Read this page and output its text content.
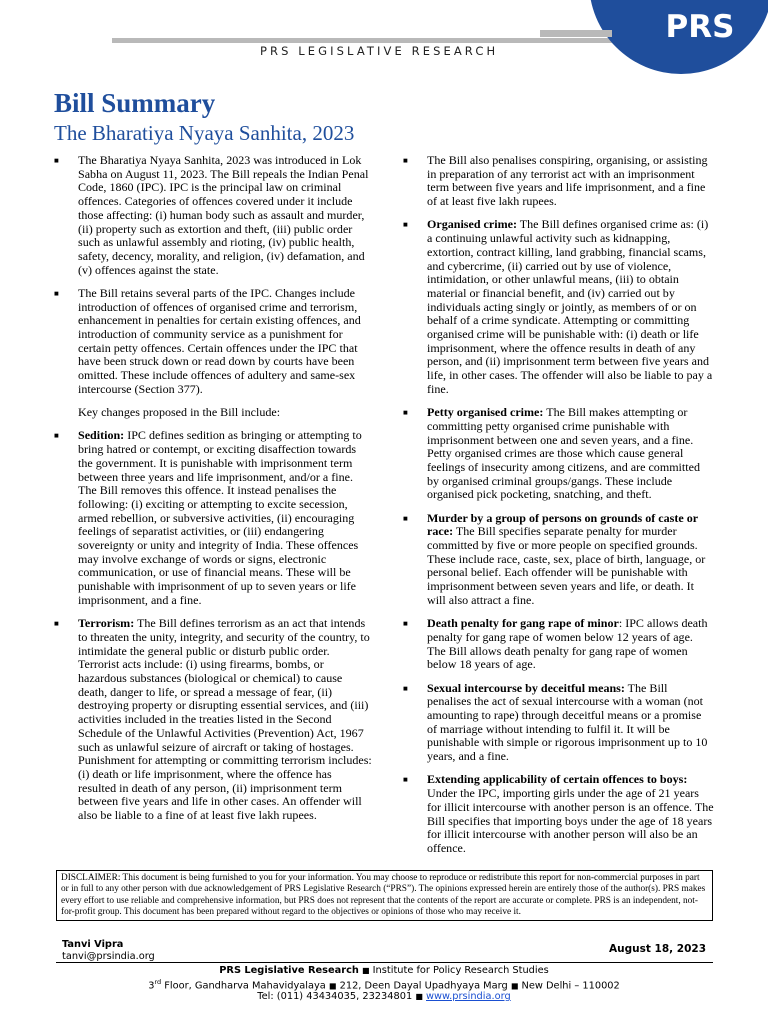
PRS LEGISLATIVE RESEARCH
PRS
Bill Summary
The Bharatiya Nyaya Sanhita, 2023
■ The Bharatiya Nyaya Sanhita, 2023 was introduced in Lok Sabha on August 11, 2023. The Bill repeals the Indian Penal Code, 1860 (IPC). IPC is the principal law on criminal offences. Categories of offences covered under it include those affecting: (i) human body such as assault and murder, (ii) property such as extortion and theft, (iii) public order such as unlawful assembly and rioting, (iv) public health, safety, decency, morality, and religion, (iv) defamation, and (v) offences against the state.
■ The Bill retains several parts of the IPC. Changes include introduction of offences of organised crime and terrorism, enhancement in penalties for certain existing offences, and introduction of community service as a punishment for certain petty offences. Certain offences under the IPC that have been struck down or read down by courts have been omitted. These include offences of adultery and same-sex intercourse (Section 377).
Key changes proposed in the Bill include:
■ Sedition: IPC defines sedition as bringing or attempting to bring hatred or contempt, or exciting disaffection towards the government. It is punishable with imprisonment term between three years and life imprisonment, and/or a fine. The Bill removes this offence. It instead penalises the following: (i) exciting or attempting to excite secession, armed rebellion, or subversive activities, (ii) encouraging feelings of separatist activities, or (iii) endangering sovereignty or unity and integrity of India. These offences may involve exchange of words or signs, electronic communication, or use of financial means. These will be punishable with imprisonment of up to seven years or life imprisonment, and a fine.
■ Terrorism: The Bill defines terrorism as an act that intends to threaten the unity, integrity, and security of the country, to intimidate the general public or disturb public order. Terrorist acts include: (i) using firearms, bombs, or hazardous substances (biological or chemical) to cause death, danger to life, or spread a message of fear, (ii) destroying property or disrupting essential services, and (iii) activities included in the treaties listed in the Second Schedule of the Unlawful Activities (Prevention) Act, 1967 such as unlawful seizure of aircraft or taking of hostages. Punishment for attempting or committing terrorism includes: (i) death or life imprisonment, where the offence has resulted in death of any person, (ii) imprisonment term between five years and life in other cases. An offender will also be liable to a fine of at least five lakh rupees.
■ The Bill also penalises conspiring, organising, or assisting in preparation of any terrorist act with an imprisonment term between five years and life imprisonment, and a fine of at least five lakh rupees.
■ Organised crime: The Bill defines organised crime as: (i) a continuing unlawful activity such as kidnapping, extortion, contract killing, land grabbing, financial scams, and cybercrime, (ii) carried out by use of violence, intimidation, or other unlawful means, (iii) to obtain material or financial benefit, and (iv) carried out by individuals acting singly or jointly, as members of or on behalf of a crime syndicate. Attempting or committing organised crime will be punishable with: (i) death or life imprisonment, where the offence results in death of any person, and (ii) imprisonment term between five years and life, in other cases. The offender will also be liable to pay a fine.
■ Petty organised crime: The Bill makes attempting or committing petty organised crime punishable with imprisonment between one and seven years, and a fine. Petty organised crimes are those which cause general feelings of insecurity among citizens, and are committed by organised criminal groups/gangs. These include organised pick pocketing, snatching, and theft.
■ Murder by a group of persons on grounds of caste or race: The Bill specifies separate penalty for murder committed by five or more people on specified grounds. These include race, caste, sex, place of birth, language, or personal belief. Each offender will be punishable with imprisonment between seven years and life, or death. It will also attract a fine.
■ Death penalty for gang rape of minor: IPC allows death penalty for gang rape of women below 12 years of age. The Bill allows death penalty for gang rape of women below 18 years of age.
■ Sexual intercourse by deceitful means: The Bill penalises the act of sexual intercourse with a woman (not amounting to rape) through deceitful means or a promise of marriage without intending to fulfil it. It will be punishable with simple or rigorous imprisonment up to 10 years, and a fine.
■ Extending applicability of certain offences to boys: Under the IPC, importing girls under the age of 21 years for illicit intercourse with another person is an offence. The Bill specifies that importing boys under the age of 18 years for illicit intercourse with another person will also be an offence.
DISCLAIMER: This document is being furnished to you for your information. You may choose to reproduce or redistribute this report for non-commercial purposes in part or in full to any other person with due acknowledgement of PRS Legislative Research (“PRS”). The opinions expressed herein are entirely those of the author(s). PRS makes every effort to use reliable and comprehensive information, but PRS does not represent that the contents of the report are accurate or complete. PRS is an independent, not-for-profit group. This document has been prepared without regard to the objectives or opinions of those who may receive it.
Tanvi Vipra
tanvi@prsindia.org
August 18, 2023
PRS Legislative Research ■ Institute for Policy Research Studies
3rd Floor, Gandharva Mahavidyalaya ■ 212, Deen Dayal Upadhyaya Marg ■ New Delhi – 110002
Tel: (011) 43434035, 23234801 ■ www.prsindia.org
